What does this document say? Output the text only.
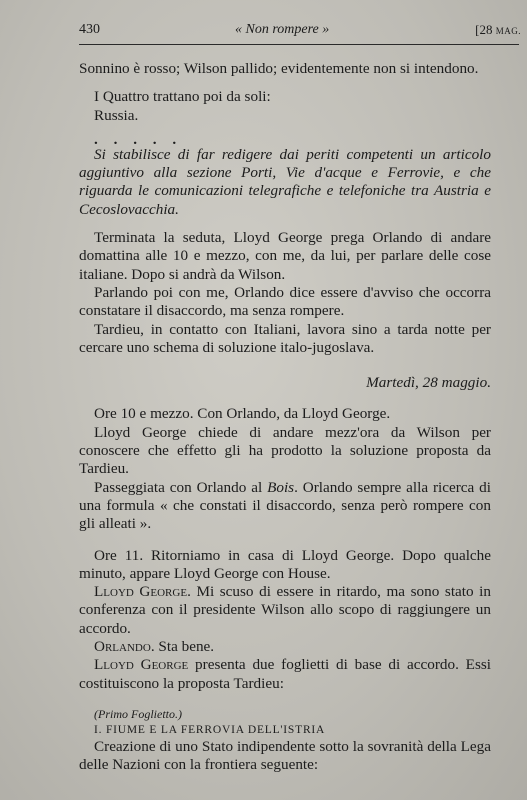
430	« Non rompere »	[28 MAG.

Sonnino è rosso; Wilson pallido; evidentemente non si intendono.

I Quattro trattano poi da soli:

Russia.

. . . . .

Si stabilisce di far redigere dai periti competenti un articolo aggiuntivo alla sezione Porti, Vie d'acque e Ferrovie, e che riguarda le comunicazioni telegrafiche e telefoniche tra Austria e Cecoslovacchia.

Terminata la seduta, Lloyd George prega Orlando di andare domattina alle 10 e mezzo, con me, da lui, per parlare delle cose italiane. Dopo si andrà da Wilson.

Parlando poi con me, Orlando dice essere d'avviso che occorra constatare il disaccordo, ma senza rompere.

Tardieu, in contatto con Italiani, lavora sino a tarda notte per cercare uno schema di soluzione italo-jugoslava.

Martedì, 28 maggio.

Ore 10 e mezzo. Con Orlando, da Lloyd George.

Lloyd George chiede di andare mezz'ora da Wilson per conoscere che effetto gli ha prodotto la soluzione proposta da Tardieu.

Passeggiata con Orlando al Bois. Orlando sempre alla ricerca di una formula « che constati il disaccordo, senza però rompere con gli alleati ».

Ore 11. Ritorniamo in casa di Lloyd George. Dopo qualche minuto, appare Lloyd George con House.

Lloyd George. Mi scuso di essere in ritardo, ma sono stato in conferenza con il presidente Wilson allo scopo di raggiungere un accordo.

Orlando. Sta bene.

Lloyd George presenta due foglietti di base di accordo. Essi costituiscono la proposta Tardieu:

(Primo Foglietto.)

I. FIUME E LA FERROVIA DELL'ISTRIA

Creazione di uno Stato indipendente sotto la sovranità della Lega delle Nazioni con la frontiera seguente:
